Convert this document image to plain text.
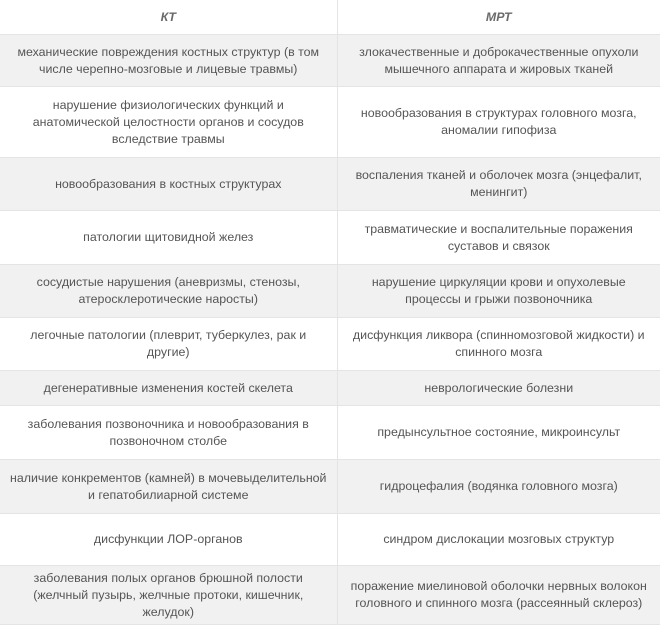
КТ	МРТ
механические повреждения костных структур (в том числе черепно-мозговые и лицевые травмы)	злокачественные и доброкачественные опухоли мышечного аппарата и жировых тканей
нарушение физиологических функций и анатомической целостности органов и сосудов вследствие травмы	новообразования в структурах головного мозга, аномалии гипофиза
новообразования в костных структурах	воспаления тканей и оболочек мозга (энцефалит, менингит)
патологии щитовидной желез	травматические и воспалительные поражения суставов и связок
сосудистые нарушения (аневризмы, стенозы, атеросклеротические наросты)	нарушение циркуляции крови и опухолевые процессы и грыжи позвоночника
легочные патологии (плеврит, туберкулез, рак и другие)	дисфункция ликвора (спинномозговой жидкости) и спинного мозга
дегенеративные изменения костей скелета	неврологические болезни
заболевания позвоночника и новообразования в позвоночном столбе	предынсультное состояние, микроинсульт
наличие конкрементов (камней) в мочевыделительной и гепатобилиарной системе	гидроцефалия (водянка головного мозга)
дисфункции ЛОР-органов	синдром дислокации мозговых структур
заболевания полых органов брюшной полости (желчный пузырь, желчные протоки, кишечник, желудок)	поражение миелиновой оболочки нервных волокон головного и спинного мозга (рассеянный склероз)
